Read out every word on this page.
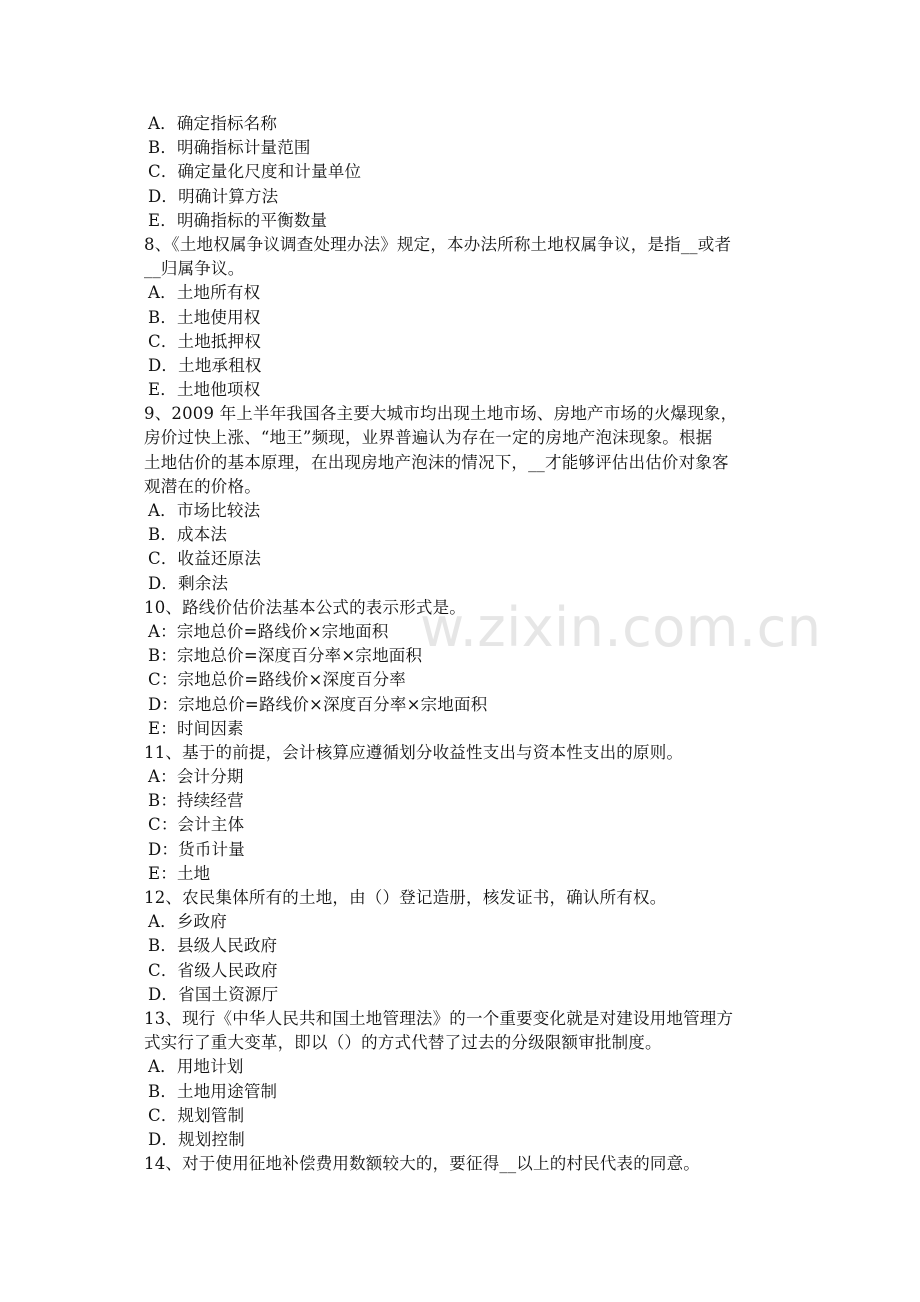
w.zixin.com.cn
A．确定指标名称
B．明确指标计量范围
C．确定量化尺度和计量单位
D．明确计算方法
E．明确指标的平衡数量
8、《土地权属争议调查处理办法》规定，本办法所称土地权属争议，是指__或者
__归属争议。
A．土地所有权
B．土地使用权
C．土地抵押权
D．土地承租权
E．土地他项权
9、2009 年上半年我国各主要大城市均出现土地市场、房地产市场的火爆现象，
房价过快上涨、“地王”频现，业界普遍认为存在一定的房地产泡沫现象。根据
土地估价的基本原理，在出现房地产泡沫的情况下，__才能够评估出估价对象客
观潜在的价格。
A．市场比较法
B．成本法
C．收益还原法
D．剩余法
10、路线价估价法基本公式的表示形式是。
A：宗地总价=路线价×宗地面积
B：宗地总价=深度百分率×宗地面积
C：宗地总价=路线价×深度百分率
D：宗地总价=路线价×深度百分率×宗地面积
E：时间因素
11、基于的前提，会计核算应遵循划分收益性支出与资本性支出的原则。
A：会计分期
B：持续经营
C：会计主体
D：货币计量
E：土地
12、农民集体所有的土地，由（）登记造册，核发证书，确认所有权。
A．乡政府
B．县级人民政府
C．省级人民政府
D．省国土资源厅
13、现行《中华人民共和国土地管理法》的一个重要变化就是对建设用地管理方
式实行了重大变革，即以（）的方式代替了过去的分级限额审批制度。
A．用地计划
B．土地用途管制
C．规划管制
D．规划控制
14、对于使用征地补偿费用数额较大的，要征得__以上的村民代表的同意。
